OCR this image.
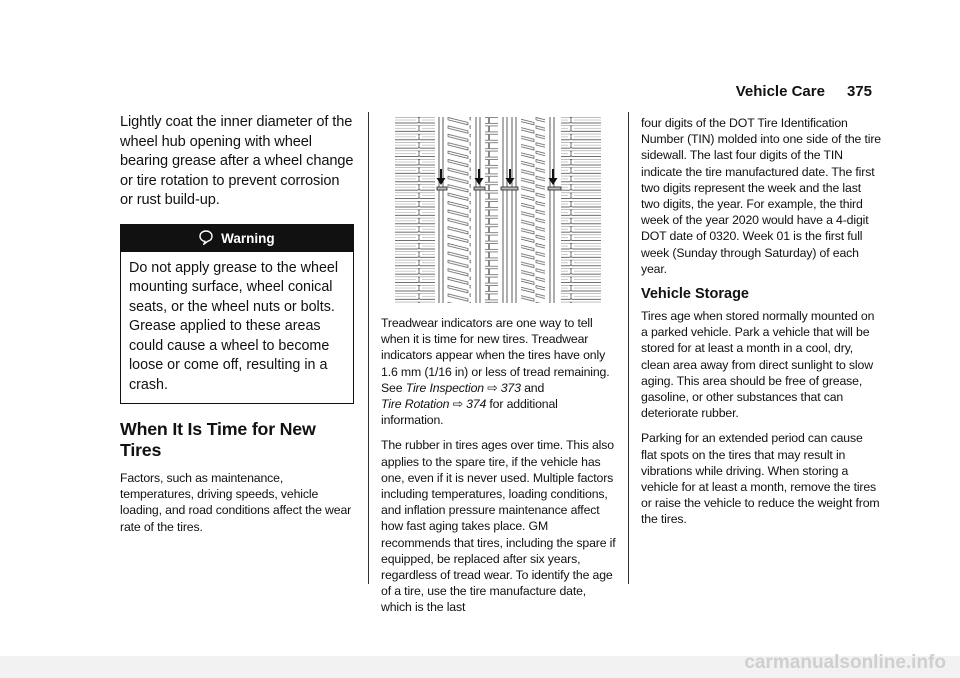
Vehicle Care 375

Lightly coat the inner diameter of the wheel hub opening with wheel bearing grease after a wheel change or tire rotation to prevent corrosion or rust build-up.

Warning
Do not apply grease to the wheel mounting surface, wheel conical seats, or the wheel nuts or bolts. Grease applied to these areas could cause a wheel to become loose or come off, resulting in a crash.
When It Is Time for New Tires

Factors, such as maintenance, temperatures, driving speeds, vehicle loading, and road conditions affect the wear rate of the tires.

Treadwear indicators are one way to tell when it is time for new tires. Treadwear indicators appear when the tires have only 1.6 mm (1/16 in) or less of tread remaining. See Tire Inspection ⇨ 373 and
Tire Rotation ⇨ 374 for additional information.

The rubber in tires ages over time. This also applies to the spare tire, if the vehicle has one, even if it is never used. Multiple factors including temperatures, loading conditions, and inflation pressure maintenance affect how fast aging takes place. GM recommends that tires, including the spare if equipped, be replaced after six years, regardless of tread wear. To identify the age of a tire, use the tire manufacture date, which is the last

four digits of the DOT Tire Identification Number (TIN) molded into one side of the tire sidewall. The last four digits of the TIN indicate the tire manufactured date. The first two digits represent the week and the last two digits, the year. For example, the third week of the year 2020 would have a 4-digit DOT date of 0320. Week 01 is the first full week (Sunday through Saturday) of each year.

Vehicle Storage

Tires age when stored normally mounted on a parked vehicle. Park a vehicle that will be stored for at least a month in a cool, dry, clean area away from direct sunlight to slow aging. This area should be free of grease, gasoline, or other substances that can deteriorate rubber.

Parking for an extended period can cause flat spots on the tires that may result in vibrations while driving. When storing a vehicle for at least a month, remove the tires or raise the vehicle to reduce the weight from the tires.

carmanualsonline.info
